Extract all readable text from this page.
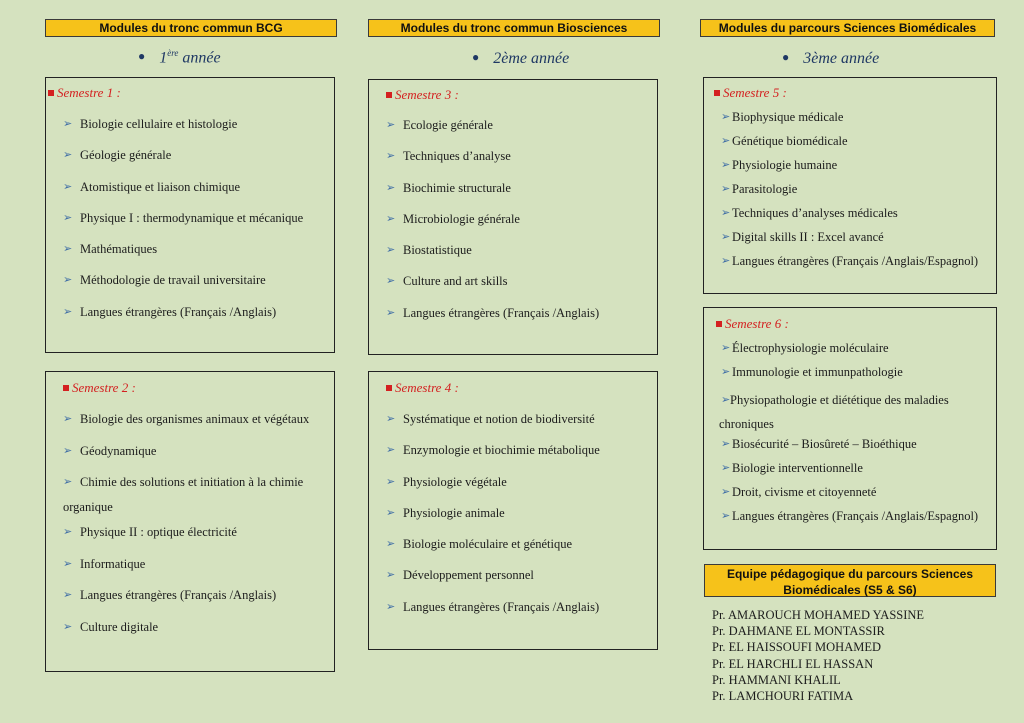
Modules du tronc commun BCG
● 1ère année
Semestre 1 :
➢ Biologie cellulaire et histologie
➢ Géologie générale
➢ Atomistique et liaison chimique
➢ Physique I : thermodynamique et mécanique
➢ Mathématiques
➢ Méthodologie de travail universitaire
➢ Langues étrangères (Français /Anglais)
Semestre 2 :
➢ Biologie des organismes animaux et végétaux
➢ Géodynamique
➢ Chimie des solutions et initiation à la chimie organique
➢ Physique II : optique électricité
➢ Informatique
➢ Langues étrangères (Français /Anglais)
➢ Culture digitale
Modules du tronc commun Biosciences
● 2ème année
Semestre 3 :
➢ Ecologie générale
➢ Techniques d’analyse
➢ Biochimie structurale
➢ Microbiologie générale
➢ Biostatistique
➢ Culture and art skills
➢ Langues étrangères (Français /Anglais)
Semestre 4 :
➢ Systématique et notion de biodiversité
➢ Enzymologie et biochimie métabolique
➢ Physiologie végétale
➢ Physiologie animale
➢ Biologie moléculaire et génétique
➢ Développement personnel
➢ Langues étrangères (Français /Anglais)
Modules du parcours Sciences Biomédicales
● 3ème année
Semestre 5 :
➢ Biophysique médicale
➢ Génétique biomédicale
➢ Physiologie humaine
➢ Parasitologie
➢ Techniques d’analyses médicales
➢ Digital skills II : Excel avancé
➢ Langues étrangères (Français /Anglais/Espagnol)
Semestre 6 :
➢ Électrophysiologie moléculaire
➢ Immunologie et immunpathologie
➢ Physiopathologie et diététique des maladies chroniques
➢ Biosécurité – Biosûreté – Bioéthique
➢ Biologie interventionnelle
➢ Droit, civisme et citoyenneté
➢ Langues étrangères (Français /Anglais/Espagnol)
Equipe pédagogique du parcours Sciences Biomédicales (S5 & S6)
Pr. AMAROUCH MOHAMED YASSINE
Pr. DAHMANE EL MONTASSIR
Pr. EL HAISSOUFI MOHAMED
Pr. EL HARCHLI EL HASSAN
Pr. HAMMANI KHALIL
Pr. LAMCHOURI FATIMA
